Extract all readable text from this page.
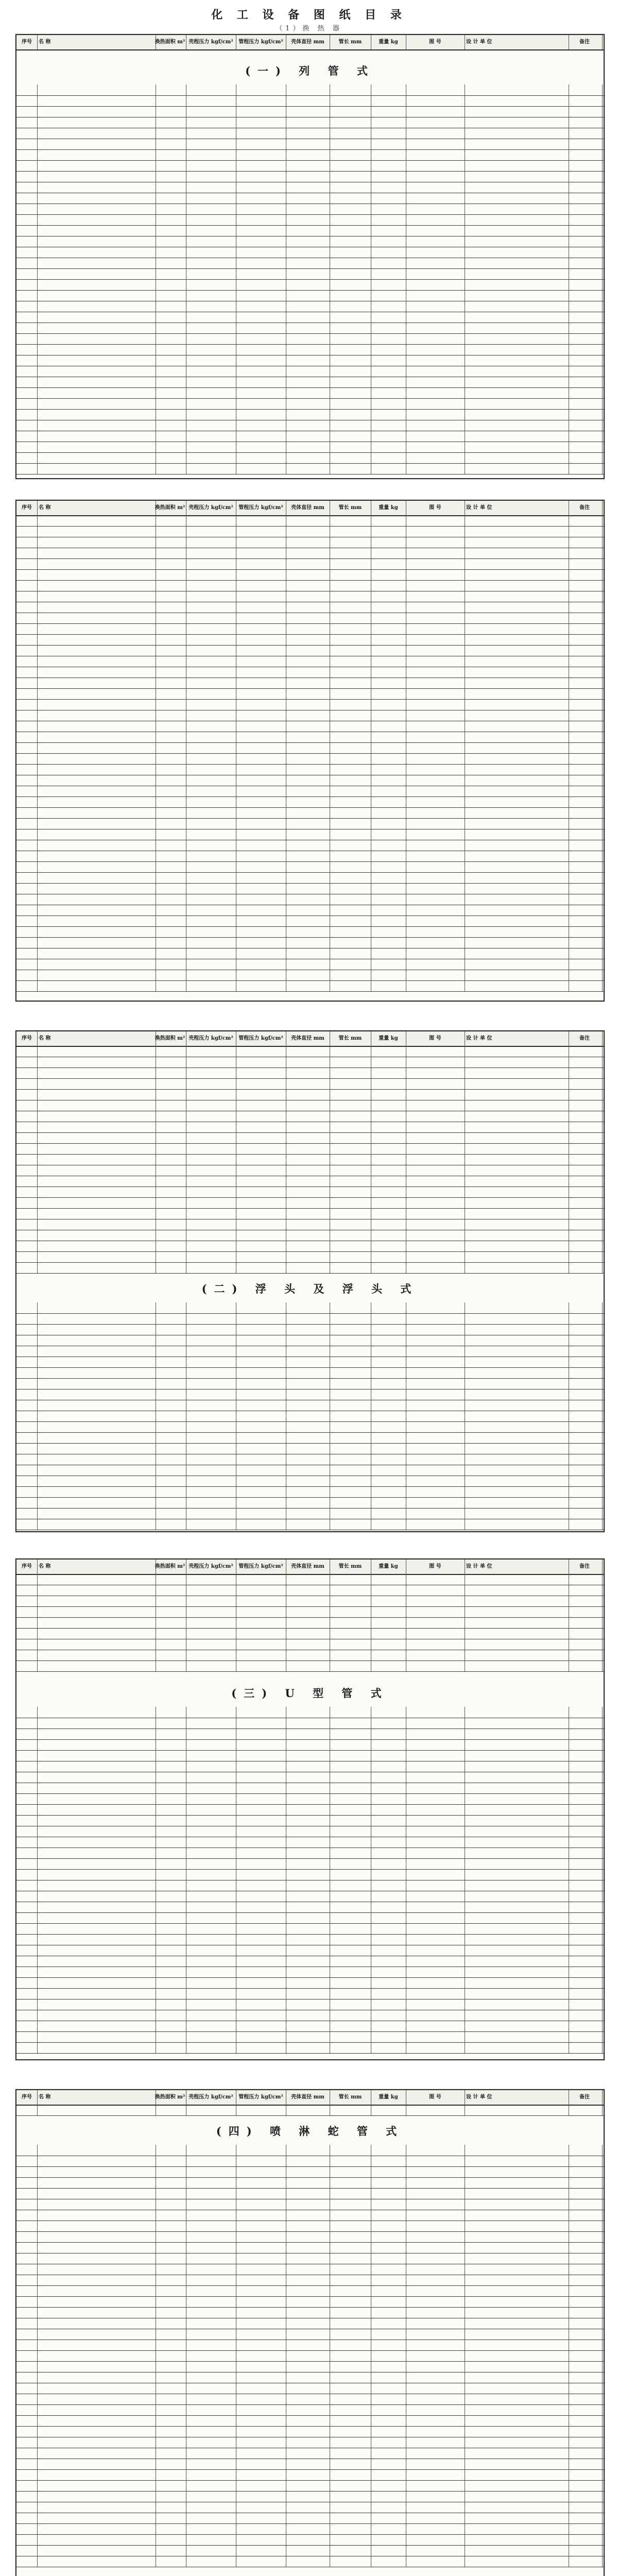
化 工 设 备 图 纸 目 录
（1）换 热 器
(一) 列 管 式
序号	名 称	换热面积 m² 壳程压力 kgf/cm²	管程压力 kgf/cm²	壳体直径 mm	管长 mm	重量 kg	图 号	设 计 单 位	备注
序号	名 称	换热面积 m² 壳程压力 kgf/cm²	管程压力 kgf/cm²	壳体直径 mm	管长 mm	重量 kg	图 号	设 计 单 位	备注
(二) 浮 头 及 浮 头 式
序号	名 称	换热面积 m² 壳程压力 kgf/cm²	管程压力 kgf/cm²	壳体直径 mm	管长 mm	重量 kg	图 号	设 计 单 位	备注
(三) U 型 管 式
序号	名 称	换热面积 m² 壳程压力 kgf/cm²	管程压力 kgf/cm²	壳体直径 mm	管长 mm	重量 kg	图 号	设 计 单 位	备注
(四) 喷 淋 蛇 管 式
序号	名 称	换热面积 m² 壳程压力 kgf/cm²	管程压力 kgf/cm²	壳体直径 mm	管长 mm	重量 kg	图 号	设 计 单 位	备注
